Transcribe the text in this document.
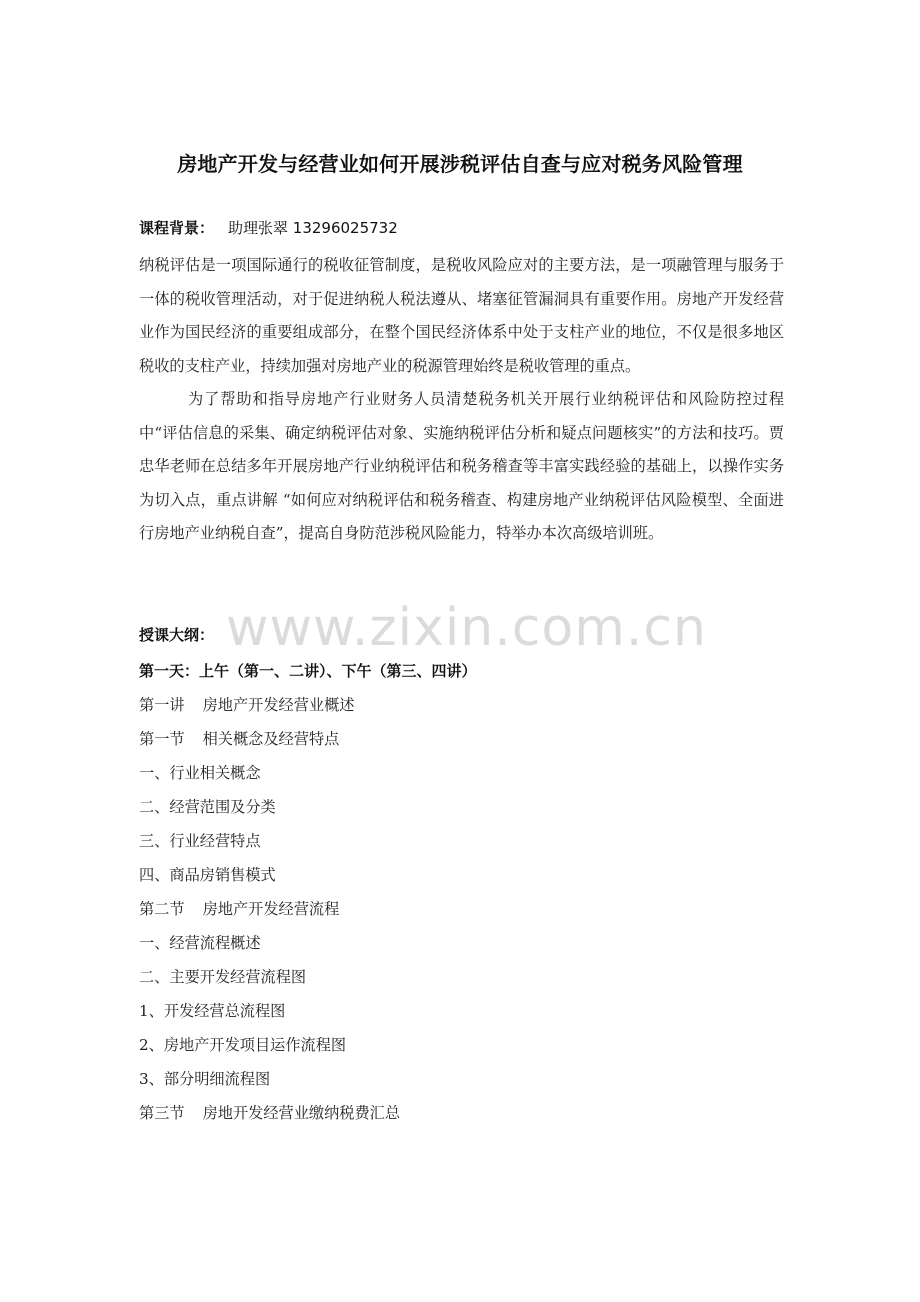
房地产开发与经营业如何开展涉税评估自查与应对税务风险管理
课程背景： 助理张翠 13296025732
纳税评估是一项国际通行的税收征管制度，是税收风险应对的主要方法，是一项融管理与服务于一体的税收管理活动，对于促进纳税人税法遵从、堵塞征管漏洞具有重要作用。房地产开发经营业作为国民经济的重要组成部分，在整个国民经济体系中处于支柱产业的地位，不仅是很多地区税收的支柱产业，持续加强对房地产业的税源管理始终是税收管理的重点。
为了帮助和指导房地产行业财务人员清楚税务机关开展行业纳税评估和风险防控过程中“评估信息的采集、确定纳税评估对象、实施纳税评估分析和疑点问题核实”的方法和技巧。贾忠华老师在总结多年开展房地产行业纳税评估和税务稽查等丰富实践经验的基础上，以操作实务为切入点，重点讲解 “如何应对纳税评估和税务稽查、构建房地产业纳税评估风险模型、全面进行房地产业纳税自查”，提高自身防范涉税风险能力，特举办本次高级培训班。
www.zixin.com.cn
授课大纲：
第一天：上午（第一、二讲）、下午（第三、四讲）
第一讲 房地产开发经营业概述
第一节 相关概念及经营特点
一、行业相关概念
二、经营范围及分类
三、行业经营特点
四、商品房销售模式
第二节 房地产开发经营流程
一、经营流程概述
二、主要开发经营流程图
1、开发经营总流程图
2、房地产开发项目运作流程图
3、部分明细流程图
第三节 房地开发经营业缴纳税费汇总
